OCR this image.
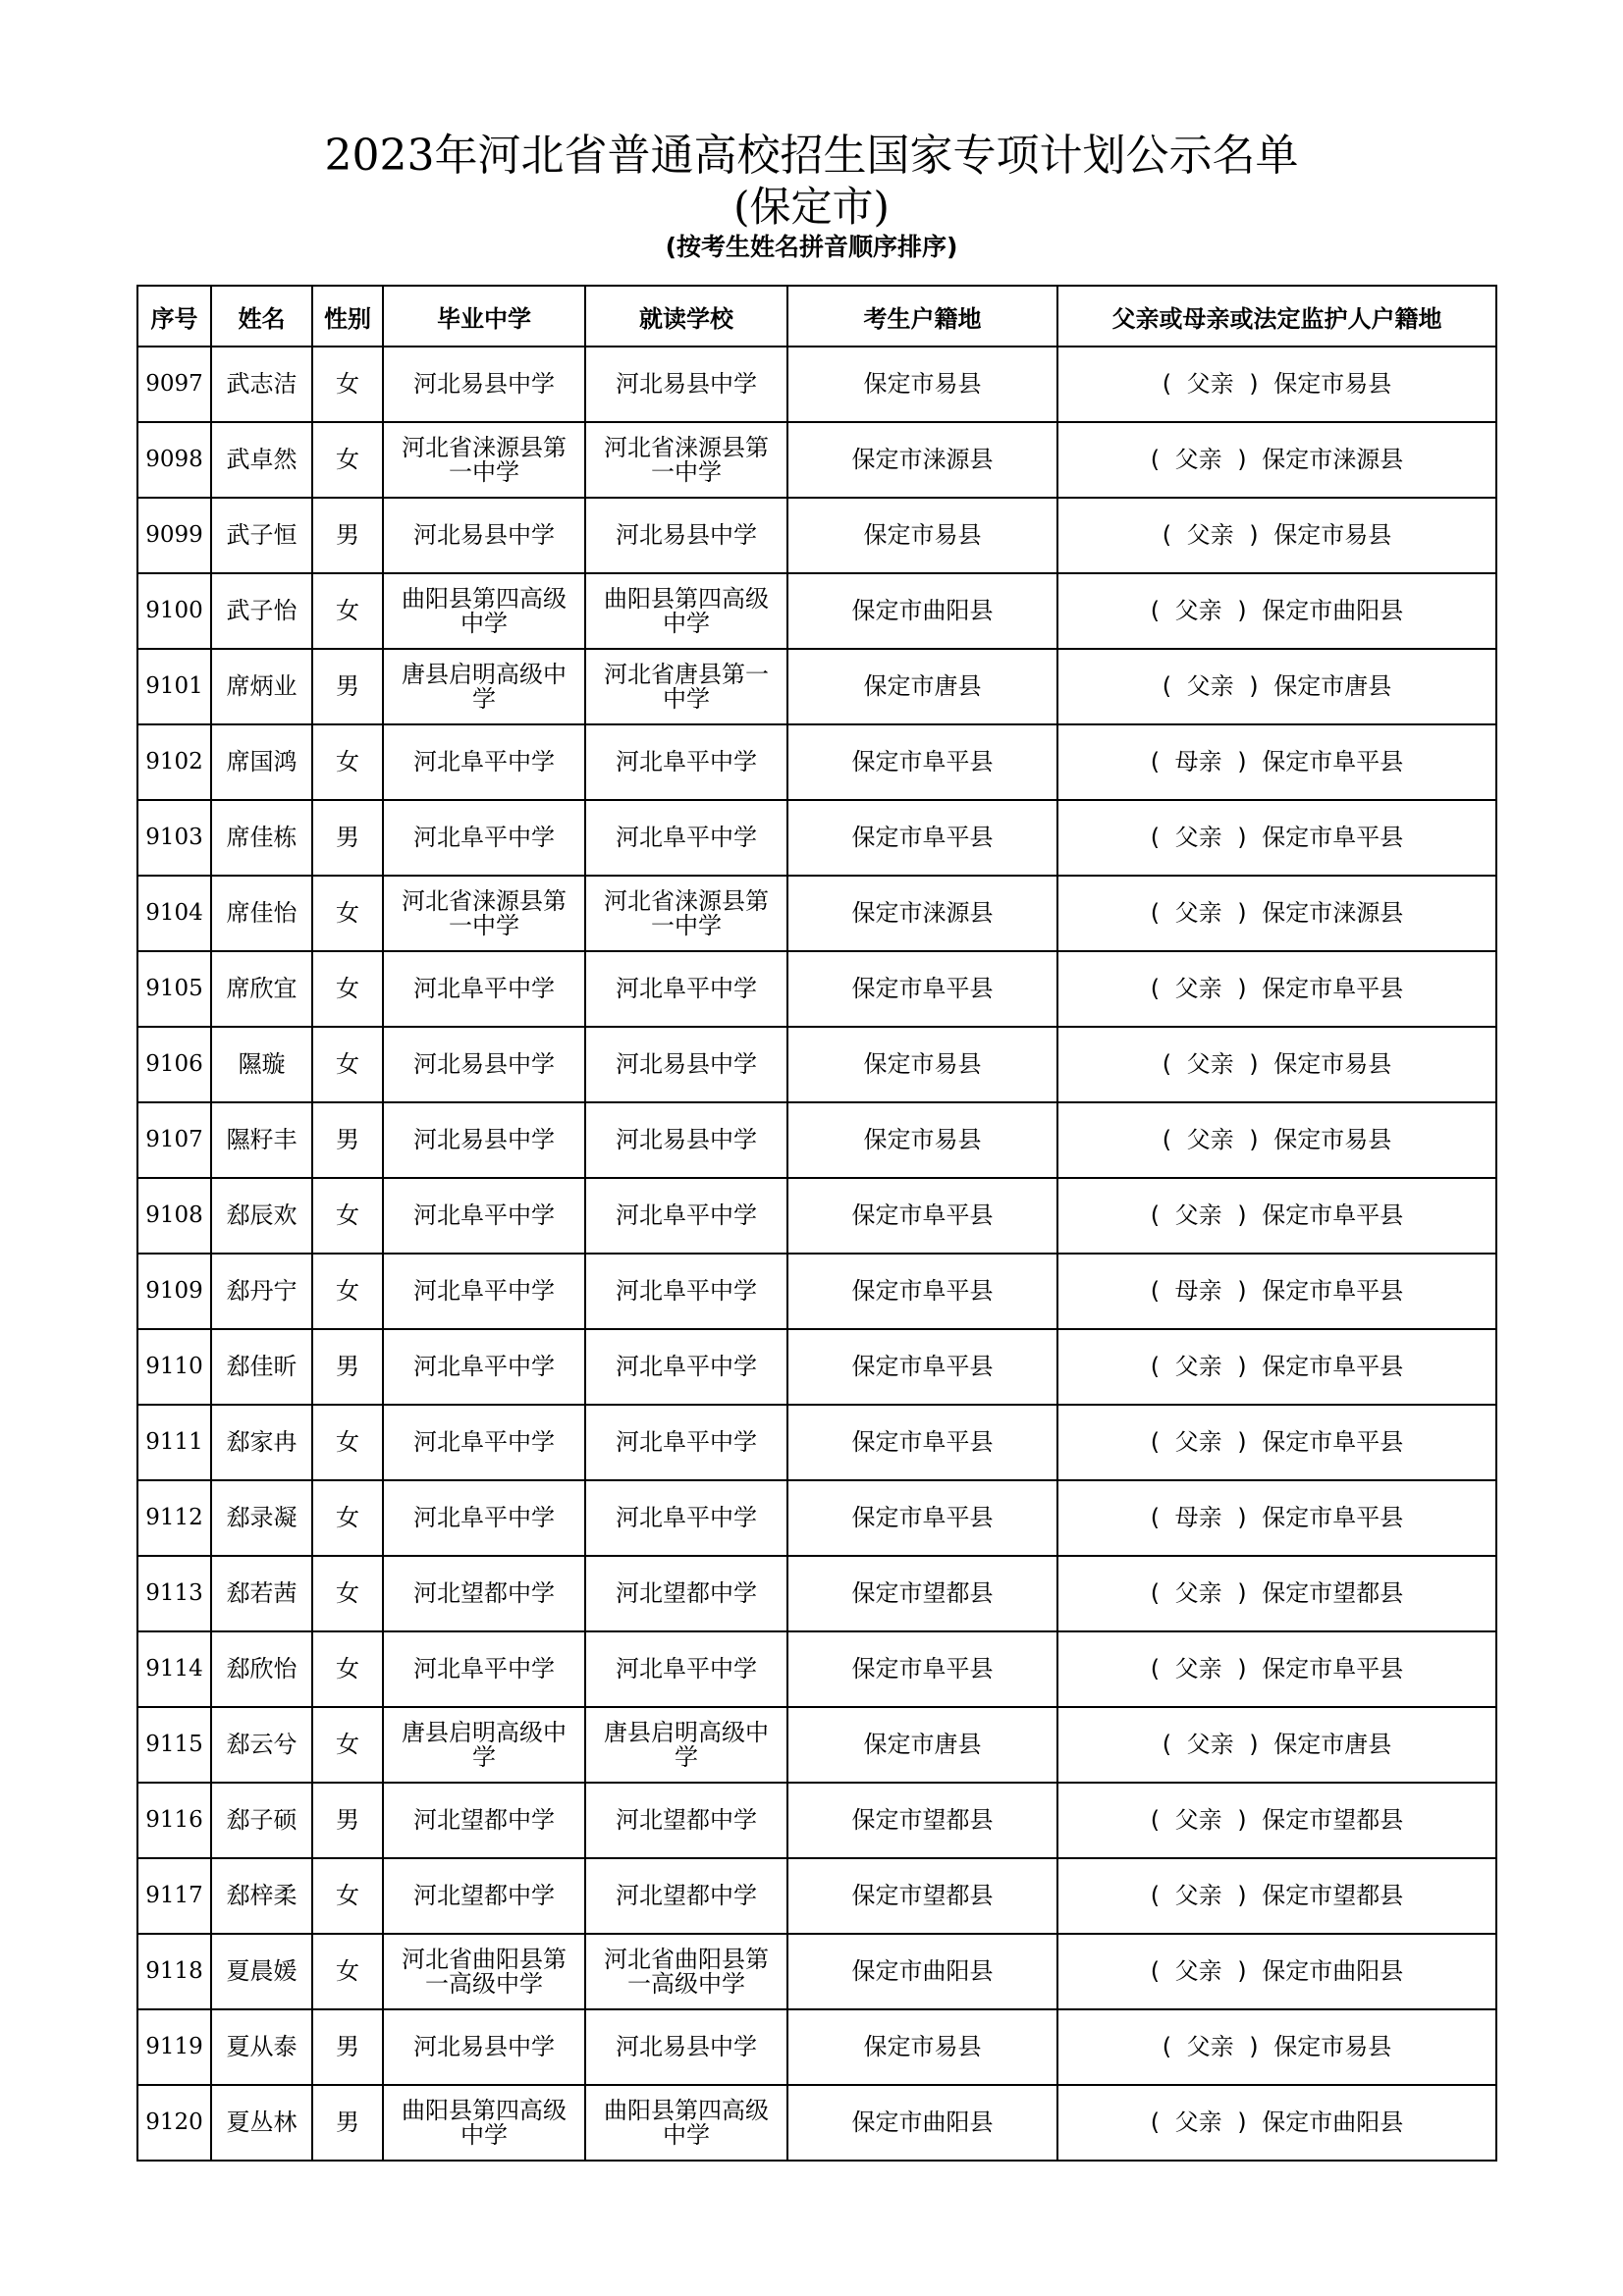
2023年河北省普通高校招生国家专项计划公示名单
(保定市)
(按考生姓名拼音顺序排序)
序号	姓名	性别	毕业中学	就读学校	考生户籍地	父亲或母亲或法定监护人户籍地
9097	武志洁	女	河北易县中学	河北易县中学	保定市易县	( 父亲 ) 保定市易县
9098	武卓然	女	河北省涞源县第一中学	河北省涞源县第一中学	保定市涞源县	( 父亲 ) 保定市涞源县
9099	武子恒	男	河北易县中学	河北易县中学	保定市易县	( 父亲 ) 保定市易县
9100	武子怡	女	曲阳县第四高级中学	曲阳县第四高级中学	保定市曲阳县	( 父亲 ) 保定市曲阳县
9101	席炳业	男	唐县启明高级中学	河北省唐县第一中学	保定市唐县	( 父亲 ) 保定市唐县
9102	席国鸿	女	河北阜平中学	河北阜平中学	保定市阜平县	( 母亲 ) 保定市阜平县
9103	席佳栋	男	河北阜平中学	河北阜平中学	保定市阜平县	( 父亲 ) 保定市阜平县
9104	席佳怡	女	河北省涞源县第一中学	河北省涞源县第一中学	保定市涞源县	( 父亲 ) 保定市涞源县
9105	席欣宜	女	河北阜平中学	河北阜平中学	保定市阜平县	( 父亲 ) 保定市阜平县
9106	隰璇	女	河北易县中学	河北易县中学	保定市易县	( 父亲 ) 保定市易县
9107	隰籽丰	男	河北易县中学	河北易县中学	保定市易县	( 父亲 ) 保定市易县
9108	郄辰欢	女	河北阜平中学	河北阜平中学	保定市阜平县	( 父亲 ) 保定市阜平县
9109	郄丹宁	女	河北阜平中学	河北阜平中学	保定市阜平县	( 母亲 ) 保定市阜平县
9110	郄佳昕	男	河北阜平中学	河北阜平中学	保定市阜平县	( 父亲 ) 保定市阜平县
9111	郄家冉	女	河北阜平中学	河北阜平中学	保定市阜平县	( 父亲 ) 保定市阜平县
9112	郄录凝	女	河北阜平中学	河北阜平中学	保定市阜平县	( 母亲 ) 保定市阜平县
9113	郄若茜	女	河北望都中学	河北望都中学	保定市望都县	( 父亲 ) 保定市望都县
9114	郄欣怡	女	河北阜平中学	河北阜平中学	保定市阜平县	( 父亲 ) 保定市阜平县
9115	郄云兮	女	唐县启明高级中学	唐县启明高级中学	保定市唐县	( 父亲 ) 保定市唐县
9116	郄子硕	男	河北望都中学	河北望都中学	保定市望都县	( 父亲 ) 保定市望都县
9117	郄梓柔	女	河北望都中学	河北望都中学	保定市望都县	( 父亲 ) 保定市望都县
9118	夏晨媛	女	河北省曲阳县第一高级中学	河北省曲阳县第一高级中学	保定市曲阳县	( 父亲 ) 保定市曲阳县
9119	夏从泰	男	河北易县中学	河北易县中学	保定市易县	( 父亲 ) 保定市易县
9120	夏丛林	男	曲阳县第四高级中学	曲阳县第四高级中学	保定市曲阳县	( 父亲 ) 保定市曲阳县
